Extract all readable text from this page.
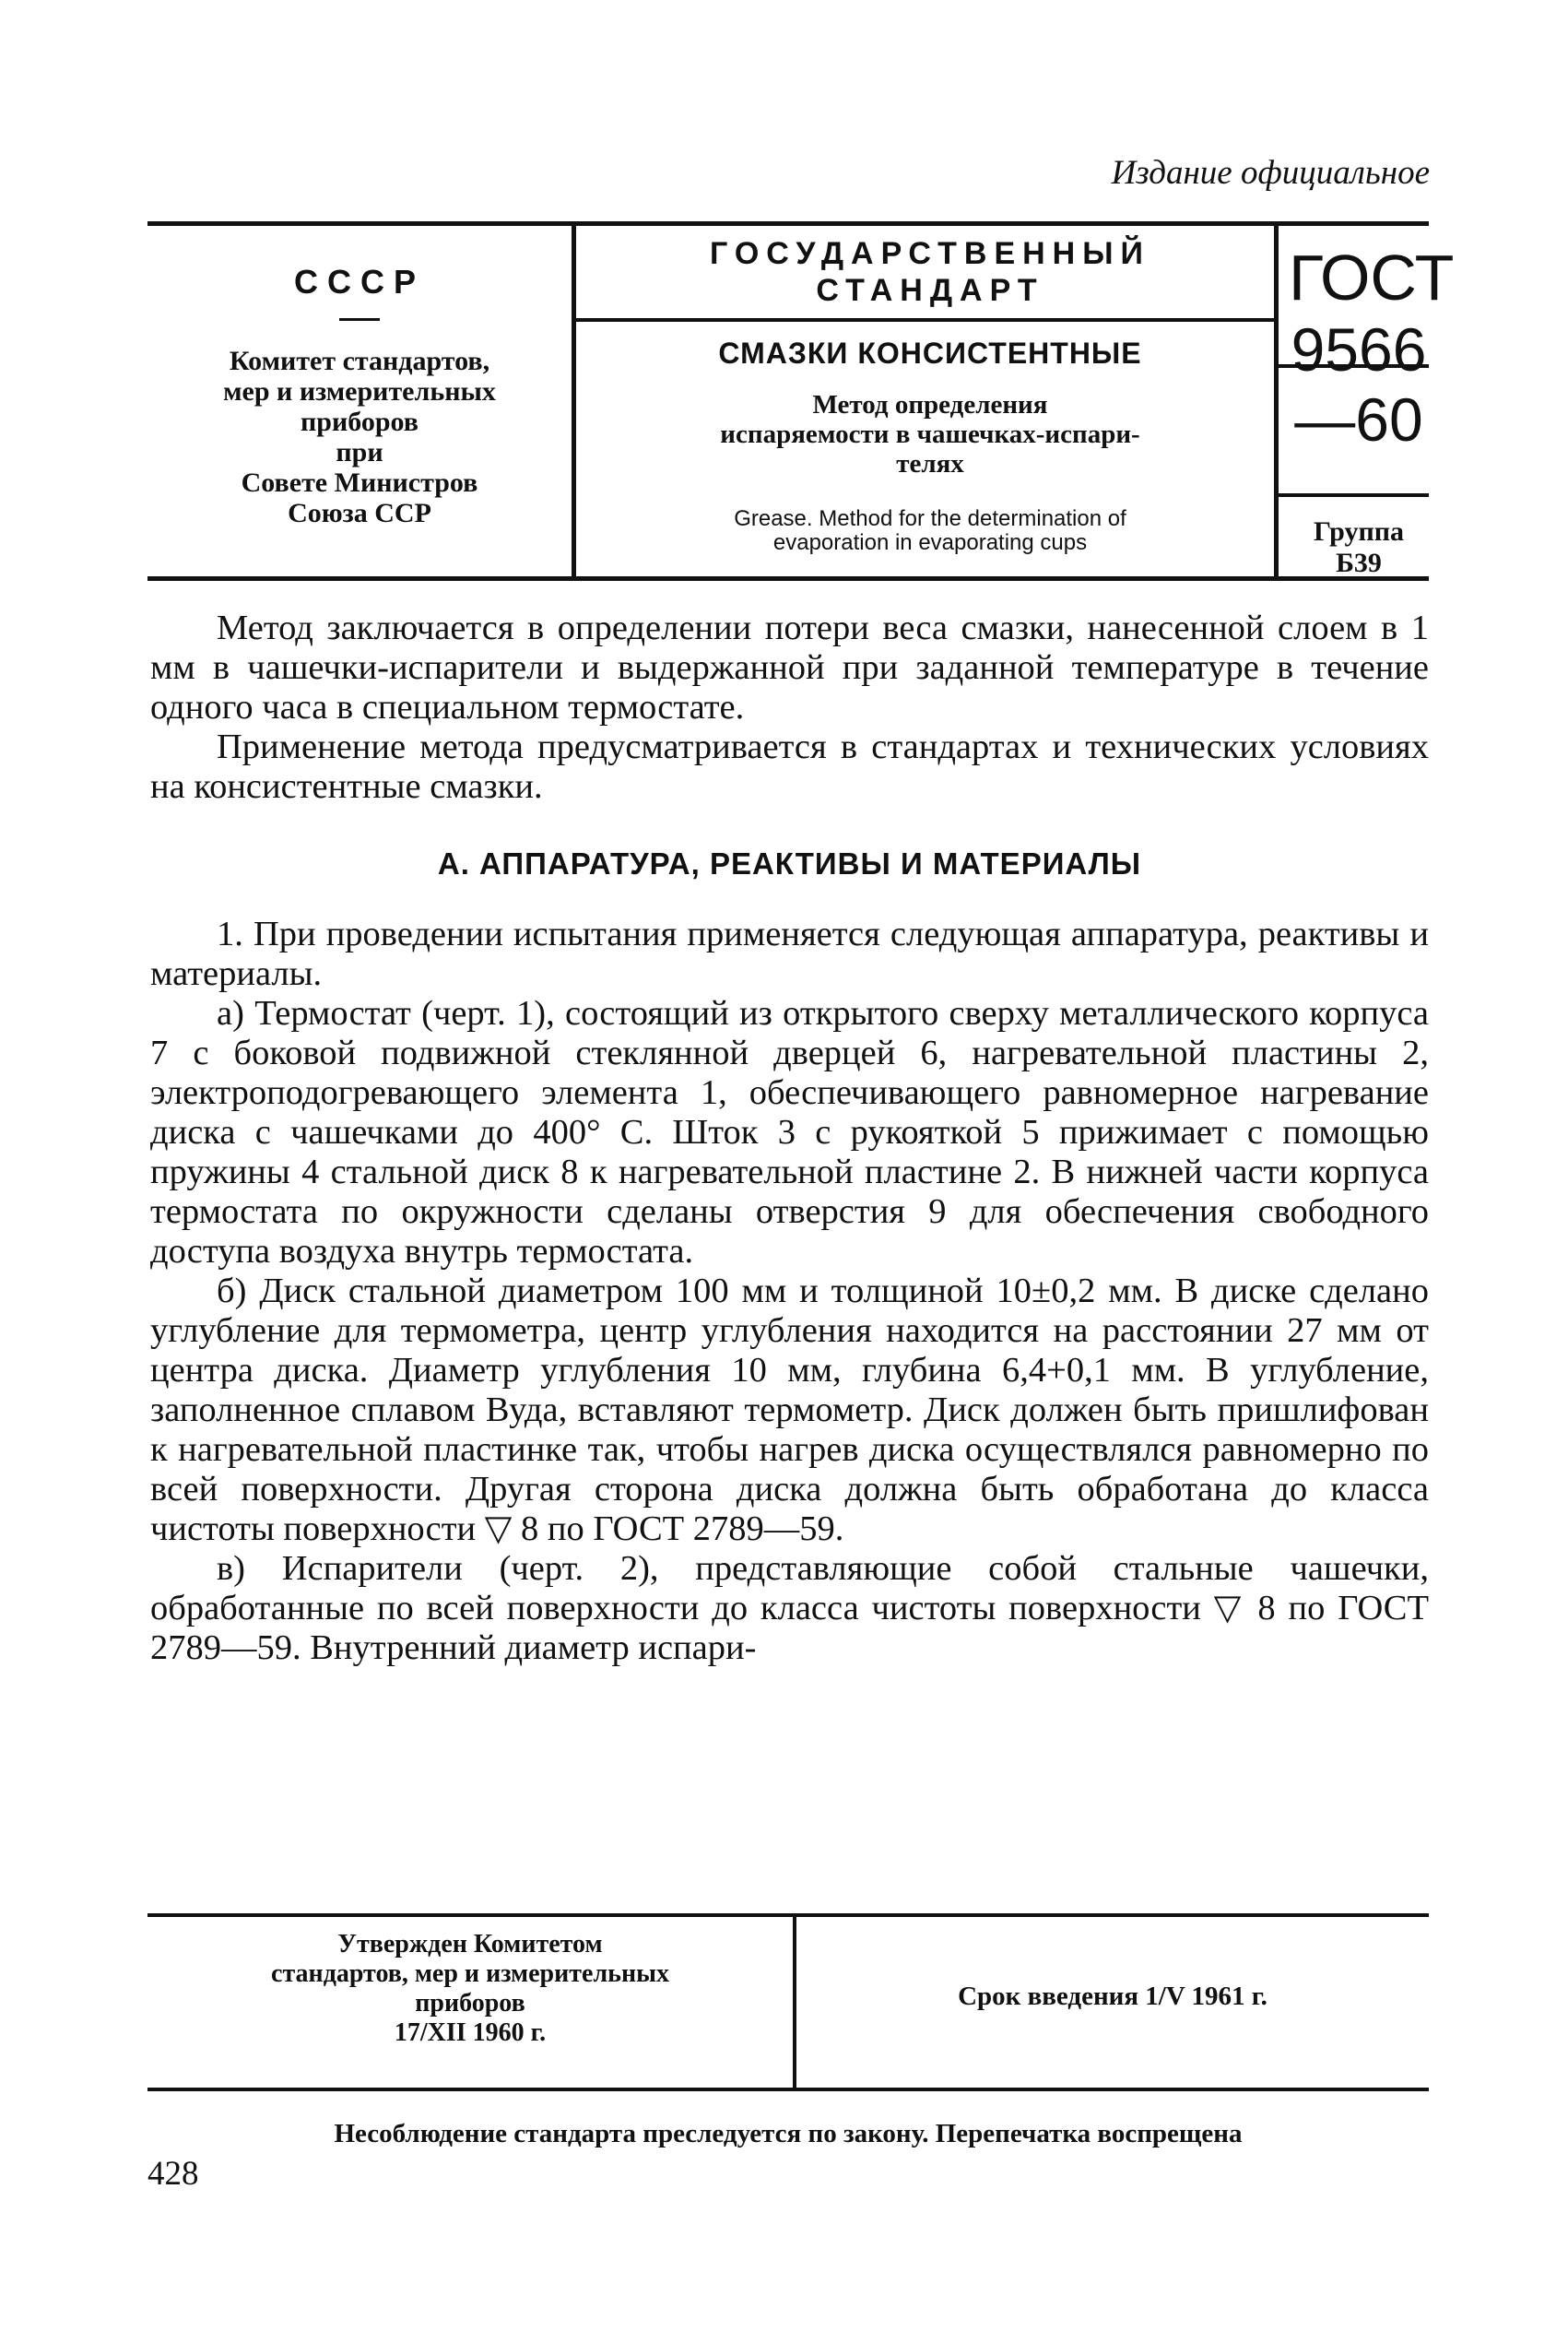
Издание официальное
СССР
Комитет стандартов,
мер и измерительных
приборов
при
Совете Министров
Союза ССР
ГОСУДАРСТВЕННЫЙ
СТАНДАРТ
СМАЗКИ КОНСИСТЕНТНЫЕ
Метод определения
испаряемости в чашечках-испари-
телях
Grease. Method for the determination of
evaporation in evaporating cups
ГОСТ
9566—60
Группа Б39

Метод заключается в определении потери веса смазки, нанесенной слоем в 1 мм в чашечки-испарители и выдержанной при заданной температуре в течение одного часа в специальном термостате.

Применение метода предусматривается в стандартах и технических условиях на консистентные смазки.

А. АППАРАТУРА, РЕАКТИВЫ И МАТЕРИАЛЫ

1. При проведении испытания применяется следующая аппаратура, реактивы и материалы.

а) Термостат (черт. 1), состоящий из открытого сверху металлического корпуса 7 с боковой подвижной стеклянной дверцей 6, нагревательной пластины 2, электроподогревающего элемента 1, обеспечивающего равномерное нагревание диска с чашечками до 400° С. Шток 3 с рукояткой 5 прижимает с помощью пружины 4 стальной диск 8 к нагревательной пластине 2. В нижней части корпуса термостата по окружности сделаны отверстия 9 для обеспечения свободного доступа воздуха внутрь термостата.

б) Диск стальной диаметром 100 мм и толщиной 10±0,2 мм. В диске сделано углубление для термометра, центр углубления находится на расстоянии 27 мм от центра диска. Диаметр углубления 10 мм, глубина 6,4+0,1 мм. В углубление, заполненное сплавом Вуда, вставляют термометр. Диск должен быть пришлифован к нагревательной пластинке так, чтобы нагрев диска осуществлялся равномерно по всей поверхности. Другая сторона диска должна быть обработана до класса чистоты поверхности ▽ 8 по ГОСТ 2789—59.

в) Испарители (черт. 2), представляющие собой стальные чашечки, обработанные по всей поверхности до класса чистоты поверхности ▽ 8 по ГОСТ 2789—59. Внутренний диаметр испари-

Утвержден Комитетом
стандартов, мер и измерительных
приборов
17/XII 1960 г.
Срок введения 1/V 1961 г.
Несоблюдение стандарта преследуется по закону. Перепечатка воспрещена
428
